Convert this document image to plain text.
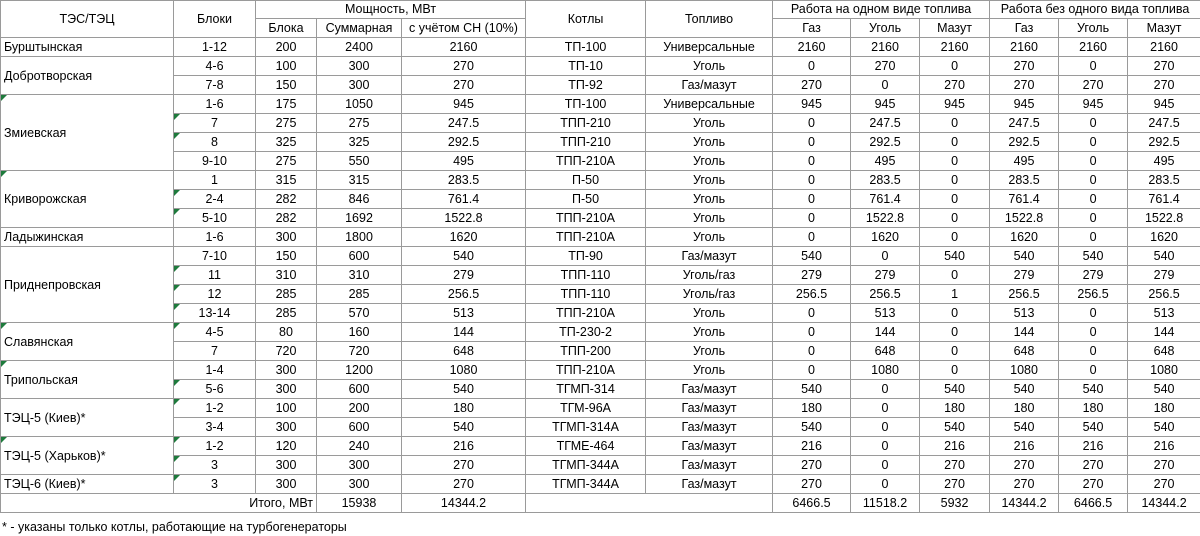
ТЭС/ТЭЦ	Блоки	Мощность, МВт			Котлы	Топливо	Работа на одном виде топлива			Работа без одного вида топлива		
		Блока	Суммарная	с учётом СН (10%)			Газ	Уголь	Мазут	Газ	Уголь	Мазут
Бурштынская	1-12	200	2400	2160	ТП-100	Универсальные	2160	2160	2160	2160	2160	2160
Добротворская	4-6	100	300	270	ТП-10	Уголь	0	270	0	270	0	270
	7-8	150	300	270	ТП-92	Газ/мазут	270	0	270	270	270	270
Змиевская	1-6	175	1050	945	ТП-100	Универсальные	945	945	945	945	945	945
	7	275	275	247.5	ТПП-210	Уголь	0	247.5	0	247.5	0	247.5
	8	325	325	292.5	ТПП-210	Уголь	0	292.5	0	292.5	0	292.5
	9-10	275	550	495	ТПП-210А	Уголь	0	495	0	495	0	495
Криворожская	1	315	315	283.5	П-50	Уголь	0	283.5	0	283.5	0	283.5
	2-4	282	846	761.4	П-50	Уголь	0	761.4	0	761.4	0	761.4
	5-10	282	1692	1522.8	ТПП-210А	Уголь	0	1522.8	0	1522.8	0	1522.8
Ладыжинская	1-6	300	1800	1620	ТПП-210А	Уголь	0	1620	0	1620	0	1620
Приднепровская	7-10	150	600	540	ТП-90	Газ/мазут	540	0	540	540	540	540
	11	310	310	279	ТПП-110	Уголь/газ	279	279	0	279	279	279
	12	285	285	256.5	ТПП-110	Уголь/газ	256.5	256.5	1	256.5	256.5	256.5
	13-14	285	570	513	ТПП-210А	Уголь	0	513	0	513	0	513
Славянская	4-5	80	160	144	ТП-230-2	Уголь	0	144	0	144	0	144
	7	720	720	648	ТПП-200	Уголь	0	648	0	648	0	648
Трипольская	1-4	300	1200	1080	ТПП-210А	Уголь	0	1080	0	1080	0	1080
	5-6	300	600	540	ТГМП-314	Газ/мазут	540	0	540	540	540	540
ТЭЦ-5 (Киев)*	1-2	100	200	180	ТГМ-96А	Газ/мазут	180	0	180	180	180	180
	3-4	300	600	540	ТГМП-314А	Газ/мазут	540	0	540	540	540	540
ТЭЦ-5 (Харьков)*	1-2	120	240	216	ТГМЕ-464	Газ/мазут	216	0	216	216	216	216
	3	300	300	270	ТГМП-344А	Газ/мазут	270	0	270	270	270	270
ТЭЦ-6 (Киев)*	3	300	300	270	ТГМП-344А	Газ/мазут	270	0	270	270	270	270
Итого, МВт			15938	14344.2			6466.5	11518.2	5932	14344.2	6466.5	14344.2
* - указаны только котлы, работающие на турбогенераторы
